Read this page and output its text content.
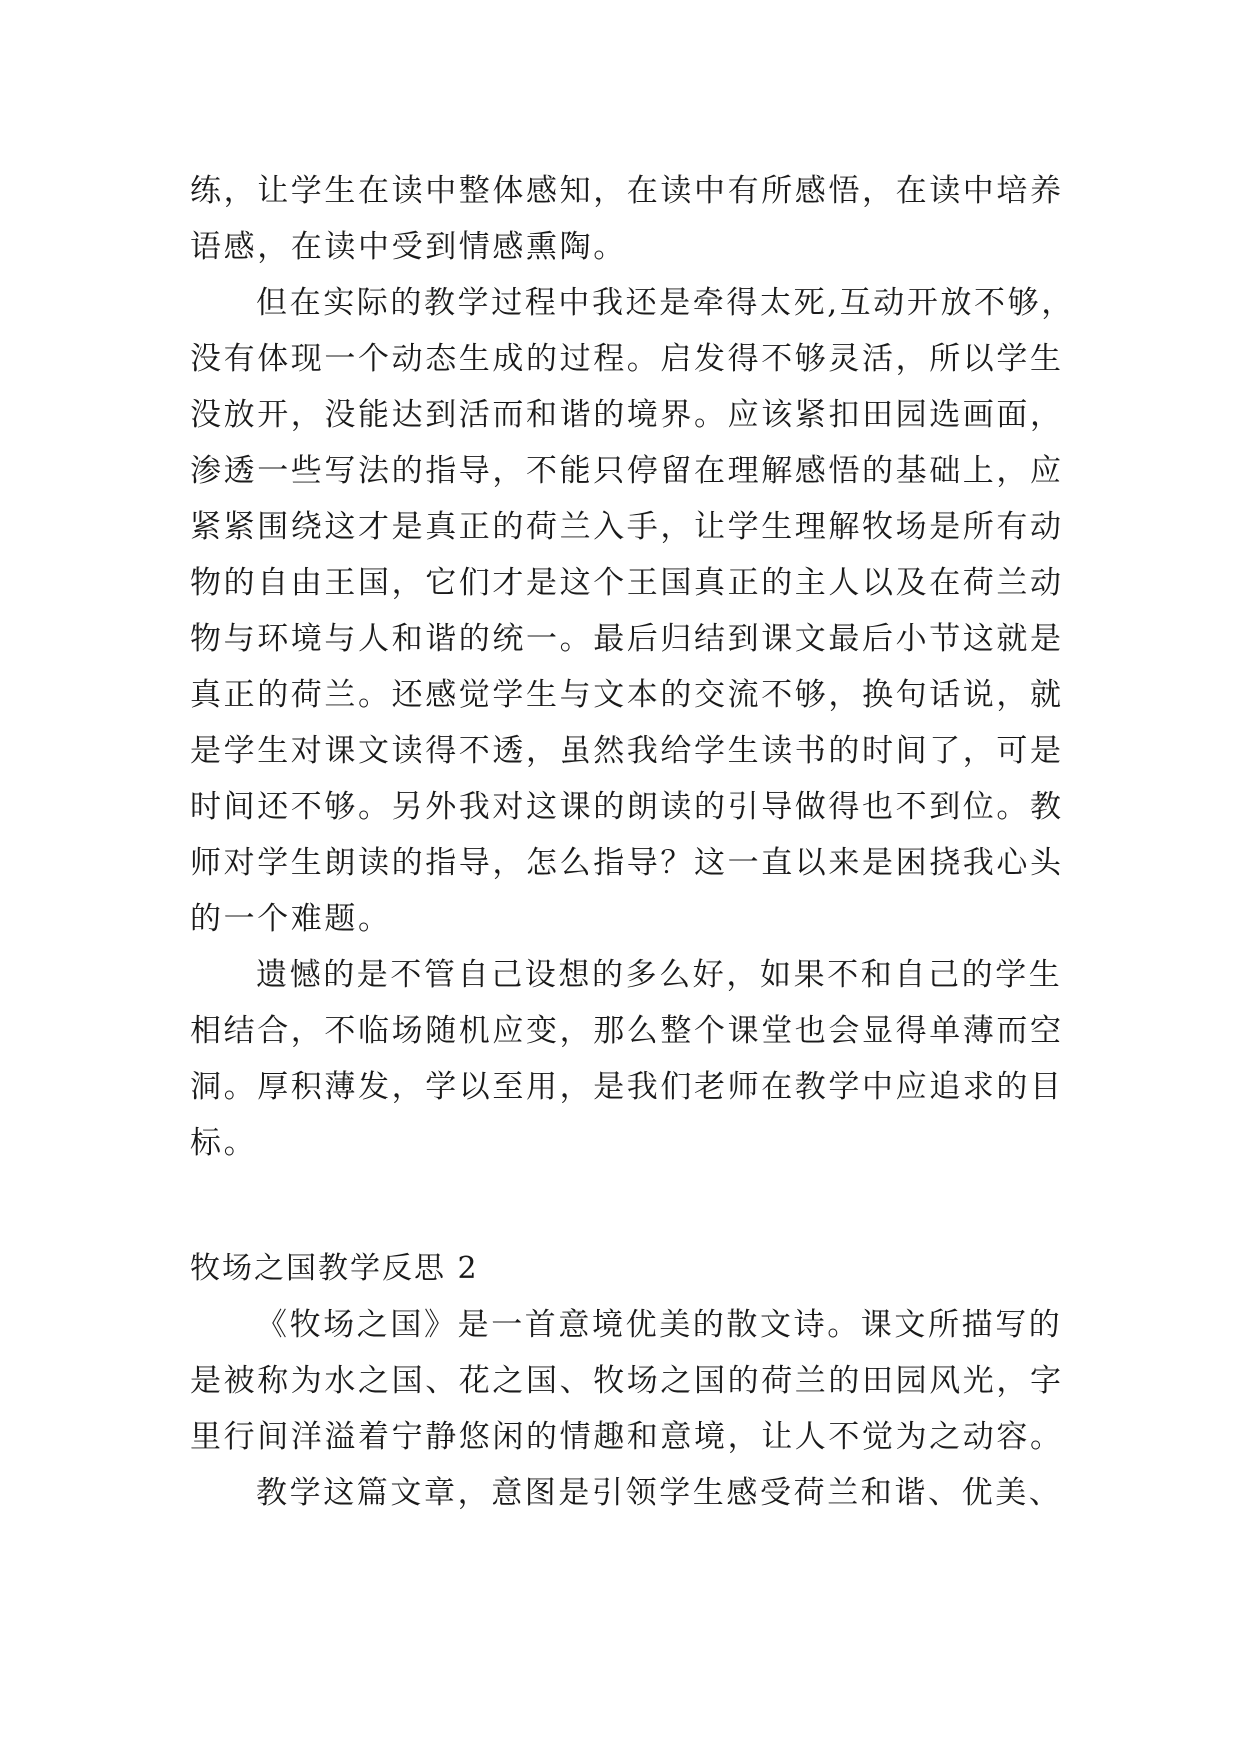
练，让学生在读中整体感知，在读中有所感悟，在读中培养
语感，在读中受到情感熏陶。
但在实际的教学过程中我还是牵得太死,互动开放不够，
没有体现一个动态生成的过程。启发得不够灵活，所以学生
没放开，没能达到活而和谐的境界。应该紧扣田园选画面，
渗透一些写法的指导，不能只停留在理解感悟的基础上，应
紧紧围绕这才是真正的荷兰入手，让学生理解牧场是所有动
物的自由王国，它们才是这个王国真正的主人以及在荷兰动
物与环境与人和谐的统一。最后归结到课文最后小节这就是
真正的荷兰。还感觉学生与文本的交流不够，换句话说，就
是学生对课文读得不透，虽然我给学生读书的时间了，可是
时间还不够。另外我对这课的朗读的引导做得也不到位。教
师对学生朗读的指导，怎么指导？这一直以来是困挠我心头
的一个难题。
遗憾的是不管自己设想的多么好，如果不和自己的学生
相结合，不临场随机应变，那么整个课堂也会显得单薄而空
洞。厚积薄发，学以至用，是我们老师在教学中应追求的目
标。
牧场之国教学反思 2
《牧场之国》是一首意境优美的散文诗。课文所描写的
是被称为水之国、花之国、牧场之国的荷兰的田园风光，字
里行间洋溢着宁静悠闲的情趣和意境，让人不觉为之动容。
教学这篇文章，意图是引领学生感受荷兰和谐、优美、
